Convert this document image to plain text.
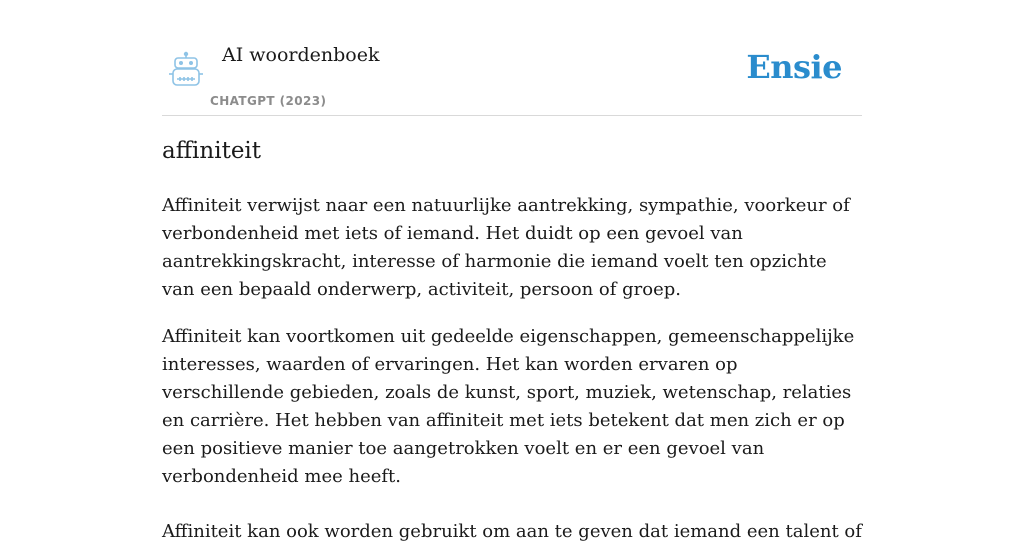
AI woordenboek
CHATGPT (2023)
Ensie
affiniteit

Affiniteit verwijst naar een natuurlijke aantrekking, sympathie, voorkeur of verbondenheid met iets of iemand. Het duidt op een gevoel van aantrekkingskracht, interesse of harmonie die iemand voelt ten opzichte van een bepaald onderwerp, activiteit, persoon of groep.

Affiniteit kan voortkomen uit gedeelde eigenschappen, gemeenschappelijke interesses, waarden of ervaringen. Het kan worden ervaren op verschillende gebieden, zoals de kunst, sport, muziek, wetenschap, relaties en carrière. Het hebben van affiniteit met iets betekent dat men zich er op een positieve manier toe aangetrokken voelt en er een gevoel van verbondenheid mee heeft.

Affiniteit kan ook worden gebruikt om aan te geven dat iemand een talent of
